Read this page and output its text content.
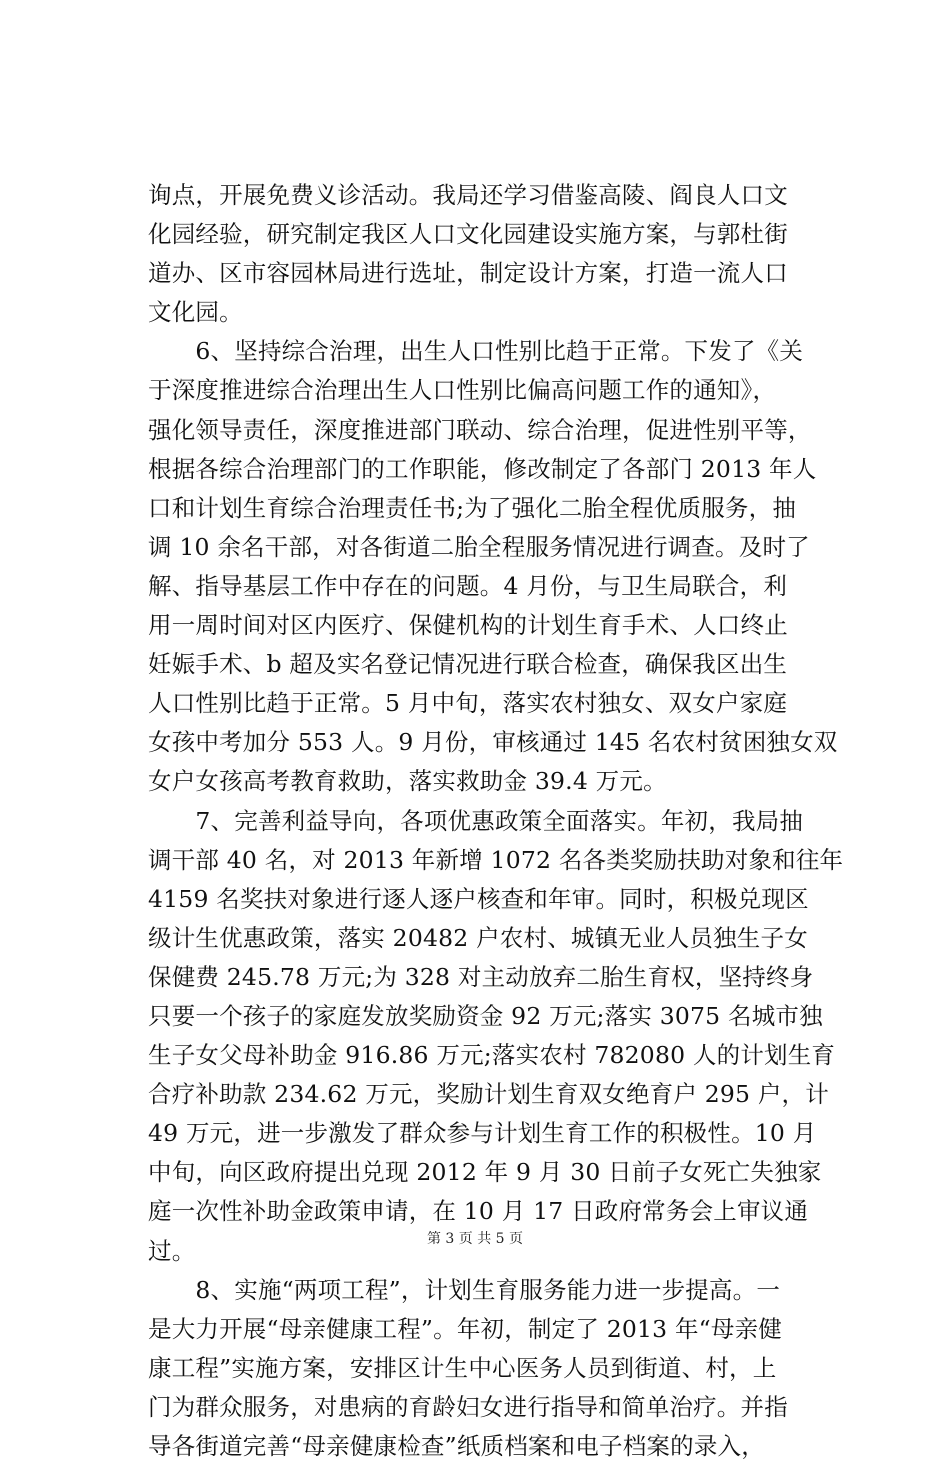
询点，开展免费义诊活动。我局还学习借鉴高陵、阎良人口文
化园经验，研究制定我区人口文化园建设实施方案，与郭杜街
道办、区市容园林局进行选址，制定设计方案，打造一流人口
文化园。
　　6、坚持综合治理，出生人口性别比趋于正常。下发了《关
于深度推进综合治理出生人口性别比偏高问题工作的通知》，
强化领导责任，深度推进部门联动、综合治理，促进性别平等，
根据各综合治理部门的工作职能，修改制定了各部门 2013 年人
口和计划生育综合治理责任书;为了强化二胎全程优质服务，抽
调 10 余名干部，对各街道二胎全程服务情况进行调查。及时了
解、指导基层工作中存在的问题。4 月份，与卫生局联合，利
用一周时间对区内医疗、保健机构的计划生育手术、人口终止
妊娠手术、b 超及实名登记情况进行联合检查，确保我区出生
人口性别比趋于正常。5 月中旬，落实农村独女、双女户家庭
女孩中考加分 553 人。9 月份，审核通过 145 名农村贫困独女双
女户女孩高考教育救助，落实救助金 39.4 万元。
　　7、完善利益导向，各项优惠政策全面落实。年初，我局抽
调干部 40 名，对 2013 年新增 1072 名各类奖励扶助对象和往年
4159 名奖扶对象进行逐人逐户核查和年审。同时，积极兑现区
级计生优惠政策，落实 20482 户农村、城镇无业人员独生子女
保健费 245.78 万元;为 328 对主动放弃二胎生育权，坚持终身
只要一个孩子的家庭发放奖励资金 92 万元;落实 3075 名城市独
生子女父母补助金 916.86 万元;落实农村 782080 人的计划生育
合疗补助款 234.62 万元，奖励计划生育双女绝育户 295 户，计
49 万元，进一步激发了群众参与计划生育工作的积极性。10 月
中旬，向区政府提出兑现 2012 年 9 月 30 日前子女死亡失独家
庭一次性补助金政策申请，在 10 月 17 日政府常务会上审议通
过。
　　8、实施“两项工程”，计划生育服务能力进一步提高。一
是大力开展“母亲健康工程”。年初，制定了 2013 年“母亲健
康工程”实施方案，安排区计生中心医务人员到街道、村，上
门为群众服务，对患病的育龄妇女进行指导和简单治疗。并指
导各街道完善“母亲健康检查”纸质档案和电子档案的录入，
第 3 页 共 5 页
